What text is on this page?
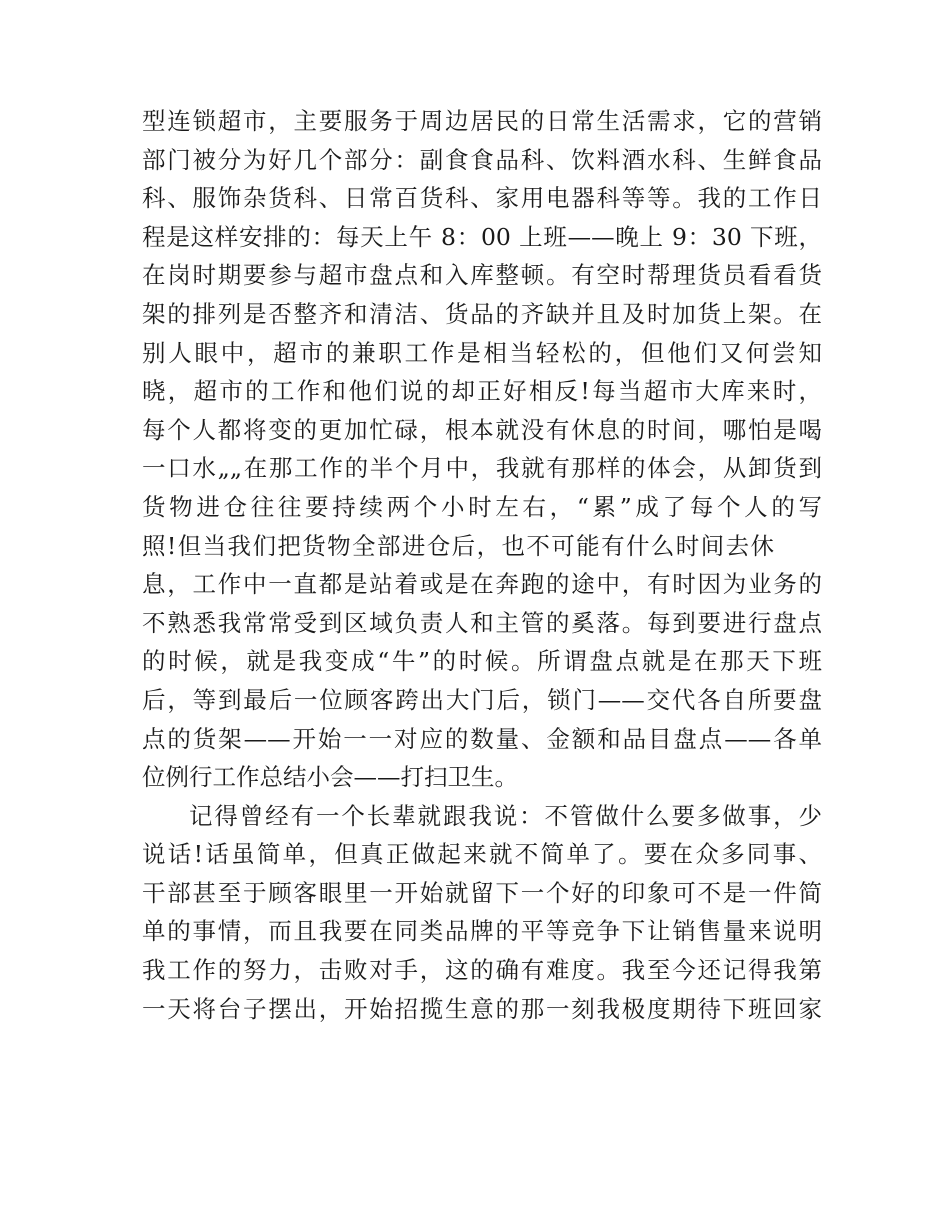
型连锁超市，主要服务于周边居民的日常生活需求，它的营销
部门被分为好几个部分：副食食品科、饮料酒水科、生鲜食品
科、服饰杂货科、日常百货科、家用电器科等等。我的工作日
程是这样安排的：每天上午 8：00 上班——晚上 9：30 下班，
在岗时期要参与超市盘点和入库整顿。有空时帮理货员看看货
架的排列是否整齐和清洁、货品的齐缺并且及时加货上架。在
别人眼中，超市的兼职工作是相当轻松的，但他们又何尝知
晓，超市的工作和他们说的却正好相反!每当超市大库来时，
每个人都将变的更加忙碌，根本就没有休息的时间，哪怕是喝
一口水„„在那工作的半个月中，我就有那样的体会，从卸货到
货物进仓往往要持续两个小时左右，“累”成了每个人的写
照!但当我们把货物全部进仓后，也不可能有什么时间去休
息，工作中一直都是站着或是在奔跑的途中，有时因为业务的
不熟悉我常常受到区域负责人和主管的奚落。每到要进行盘点
的时候，就是我变成“牛”的时候。所谓盘点就是在那天下班
后，等到最后一位顾客跨出大门后，锁门——交代各自所要盘
点的货架——开始一一对应的数量、金额和品目盘点——各单
位例行工作总结小会——打扫卫生。
记得曾经有一个长辈就跟我说：不管做什么要多做事，少
说话!话虽简单，但真正做起来就不简单了。要在众多同事、
干部甚至于顾客眼里一开始就留下一个好的印象可不是一件简
单的事情，而且我要在同类品牌的平等竞争下让销售量来说明
我工作的努力，击败对手，这的确有难度。我至今还记得我第
一天将台子摆出，开始招揽生意的那一刻我极度期待下班回家
